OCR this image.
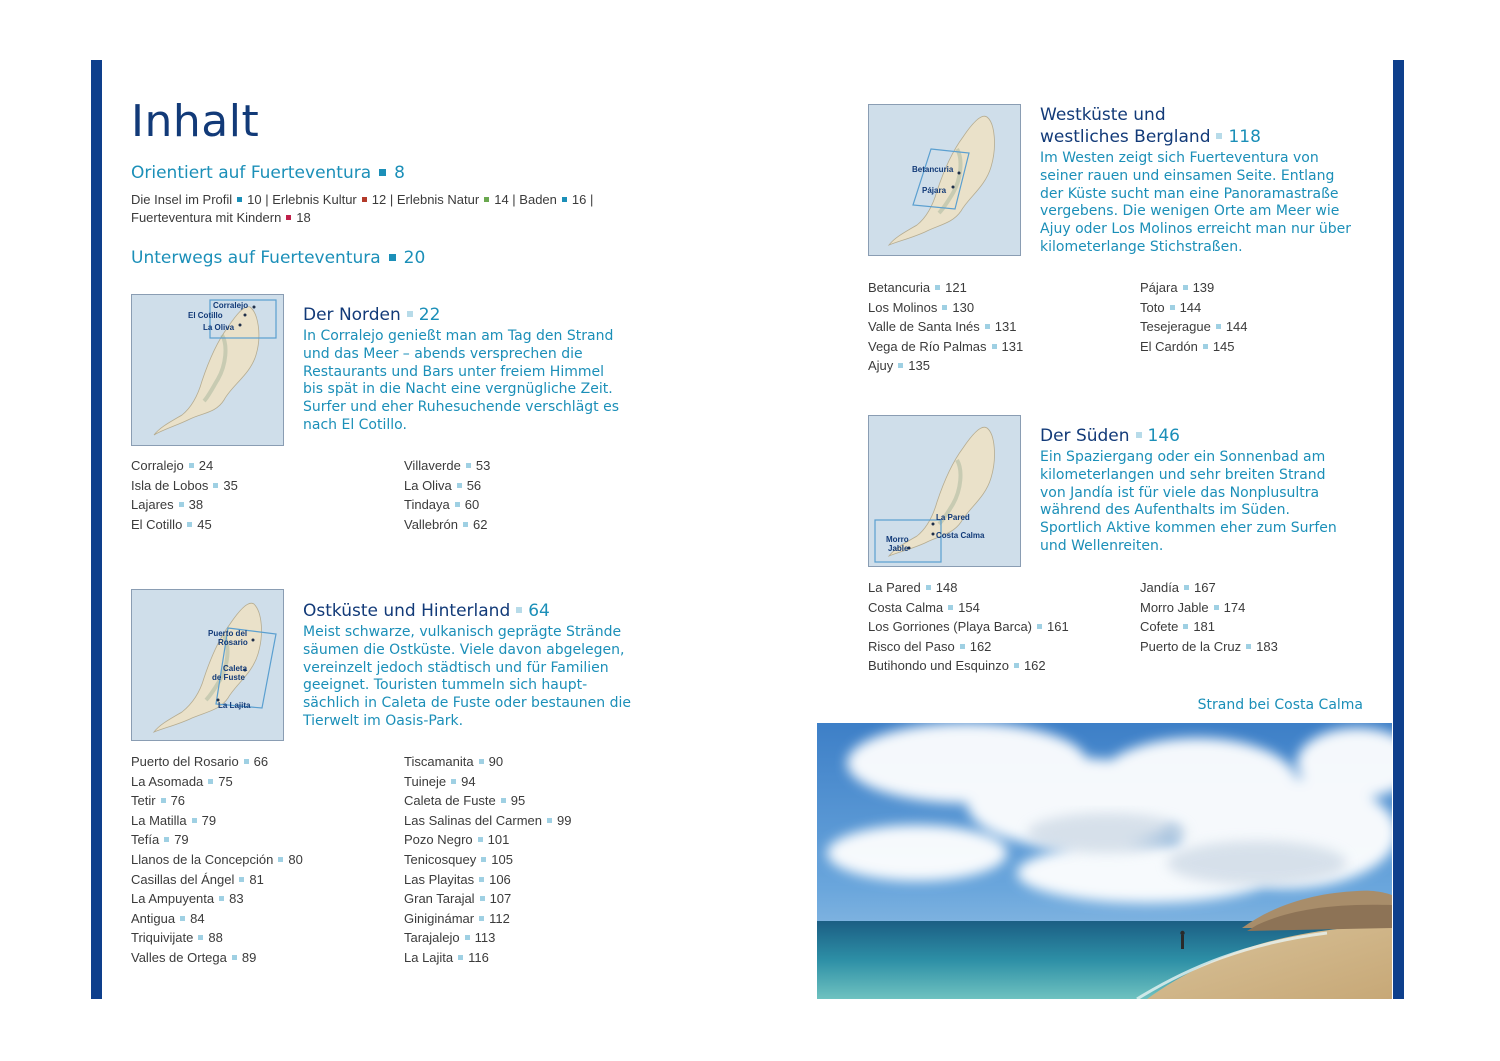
Inhalt
Orientiert auf Fuerteventura 8
Die Insel im Profil 10 | Erlebnis Kultur 12 | Erlebnis Natur 14 | Baden 16 |
Fuerteventura mit Kindern 18
Unterwegs auf Fuerteventura 20
Corralejo
El Cotillo
La Oliva
Der Norden 22
In Corralejo genießt man am Tag den Strand
und das Meer – abends versprechen die
Restaurants und Bars unter freiem Himmel
bis spät in die Nacht eine vergnügliche Zeit.
Surfer und eher Ruhesuchende verschlägt es
nach El Cotillo.
Corralejo 24
Isla de Lobos 35
Lajares 38
El Cotillo 45
Villaverde 53
La Oliva 56
Tindaya 60
Vallebrón 62
Puerto del
Rosario
Caleta
de Fuste
La Lajita
Ostküste und Hinterland 64
Meist schwarze, vulkanisch geprägte Strände
säumen die Ostküste. Viele davon abgelegen,
vereinzelt jedoch städtisch und für Familien
geeignet. Touristen tummeln sich haupt-
sächlich in Caleta de Fuste oder bestaunen die
Tierwelt im Oasis-Park.
Puerto del Rosario 66
La Asomada 75
Tetir 76
La Matilla 79
Tefía 79
Llanos de la Concepción 80
Casillas del Ángel 81
La Ampuyenta 83
Antigua 84
Triquivijate 88
Valles de Ortega 89
Tiscamanita 90
Tuineje 94
Caleta de Fuste 95
Las Salinas del Carmen 99
Pozo Negro 101
Tenicosquey 105
Las Playitas 106
Gran Tarajal 107
Giniginámar 112
Tarajalejo 113
La Lajita 116
Betancuria
Pájara
Westküste und
westliches Bergland 118
Im Westen zeigt sich Fuerteventura von
seiner rauen und einsamen Seite. Entlang
der Küste sucht man eine Panoramastraße
vergebens. Die wenigen Orte am Meer wie
Ajuy oder Los Molinos erreicht man nur über
kilometerlange Stichstraßen.
Betancuria 121
Los Molinos 130
Valle de Santa Inés 131
Vega de Río Palmas 131
Ajuy 135
Pájara 139
Toto 144
Tesejerague 144
El Cardón 145
La Pared
Costa Calma
Morro
Jable
Der Süden 146
Ein Spaziergang oder ein Sonnenbad am
kilometerlangen und sehr breiten Strand
von Jandía ist für viele das Nonplusultra
während des Aufenthalts im Süden.
Sportlich Aktive kommen eher zum Surfen
und Wellenreiten.
La Pared 148
Costa Calma 154
Los Gorriones (Playa Barca) 161
Risco del Paso 162
Butihondo und Esquinzo 162
Jandía 167
Morro Jable 174
Cofete 181
Puerto de la Cruz 183
Strand bei Costa Calma
